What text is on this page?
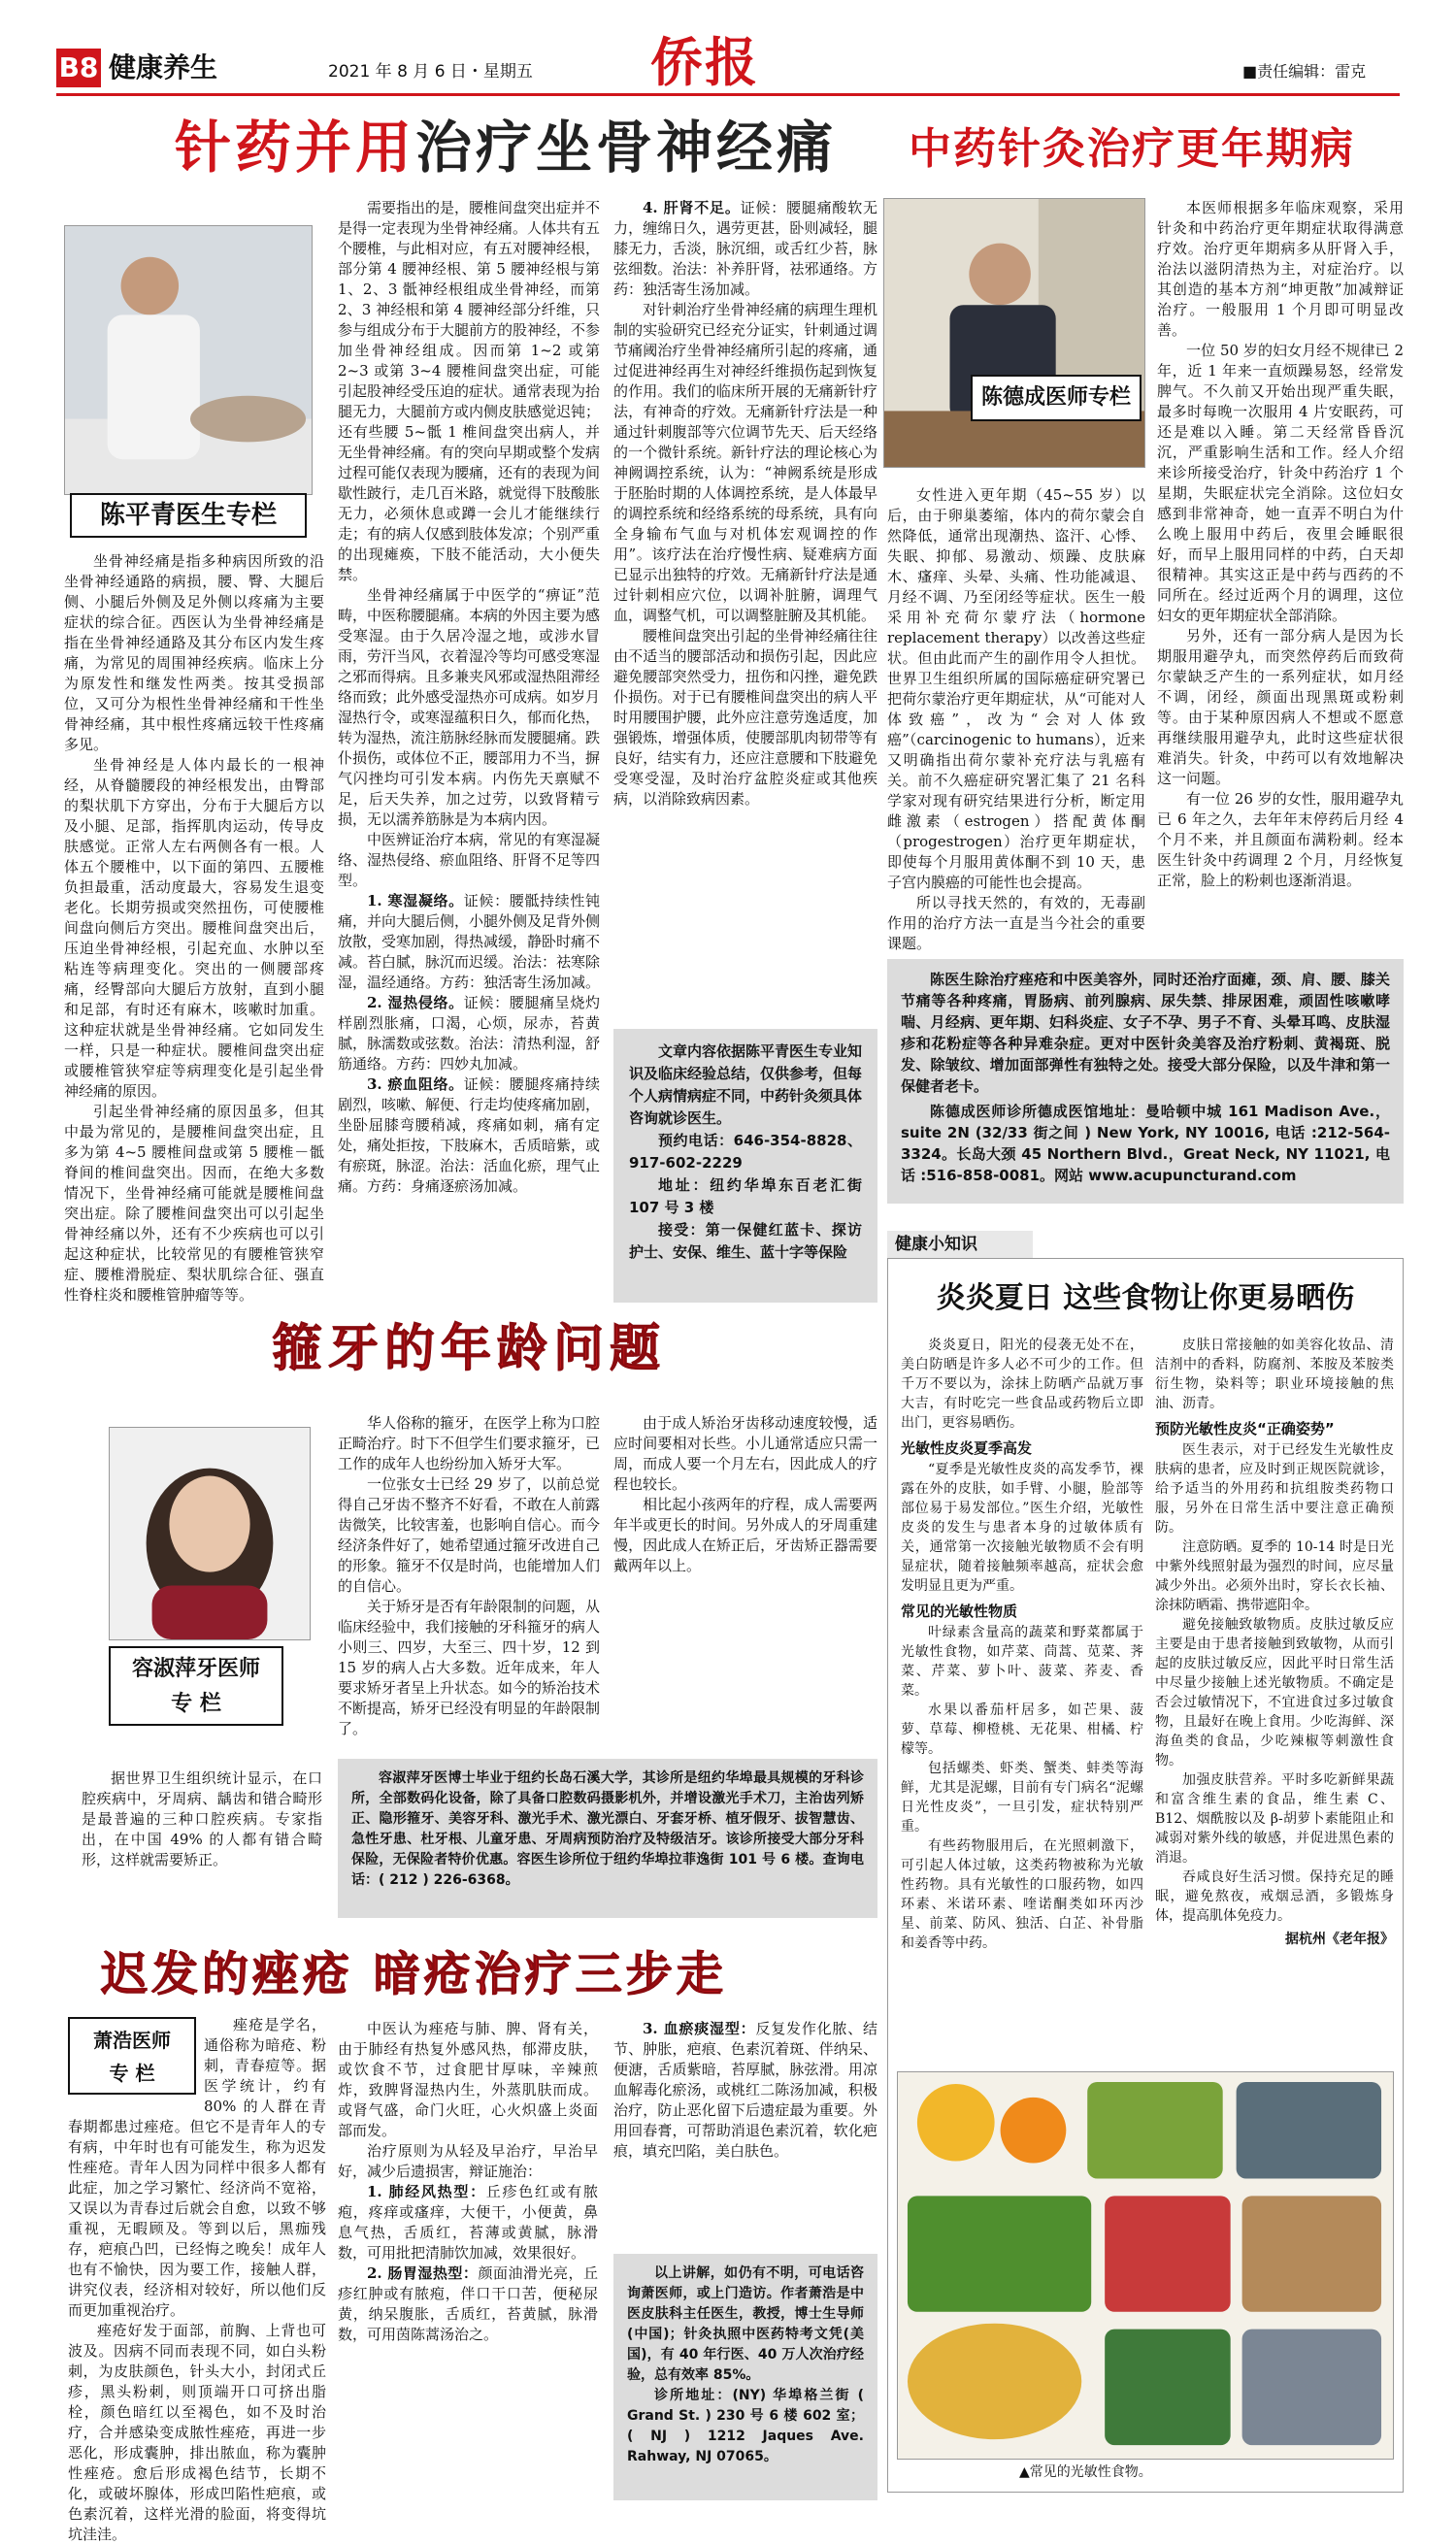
B8 健康养生	2021 年 8 月 6 日・星期五 侨报	■责任编辑：雷克
针药并用治疗坐骨神经痛
陈平青医生专栏

坐骨神经痛是指多种病因所致的沿坐骨神经通路的病损，腰、臀、大腿后侧、小腿后外侧及足外侧以疼痛为主要症状的综合征。西医认为坐骨神经痛是指在坐骨神经通路及其分布区内发生疼痛，为常见的周围神经疾病。临床上分为原发性和继发性两类。按其受损部位，又可分为根性坐骨神经痛和干性坐骨神经痛，其中根性疼痛远较干性疼痛多见。

坐骨神经是人体内最长的一根神经，从脊髓腰段的神经根发出，由臀部的梨状肌下方穿出，分布于大腿后方以及小腿、足部，指挥肌肉运动，传导皮肤感觉。正常人左右两侧各有一根。人体五个腰椎中，以下面的第四、五腰椎负担最重，活动度最大，容易发生退变老化。长期劳损或突然扭伤，可使腰椎间盘向侧后方突出。腰椎间盘突出后，压迫坐骨神经根，引起充血、水肿以至粘连等病理变化。突出的一侧腰部疼痛，经臀部向大腿后方放射，直到小腿和足部，有时还有麻木，咳嗽时加重。这种症状就是坐骨神经痛。它如同发生一样，只是一种症状。腰椎间盘突出症或腰椎管狭窄症等病理变化是引起坐骨神经痛的原因。

引起坐骨神经痛的原因虽多，但其中最为常见的，是腰椎间盘突出症，且多为第 4~5 腰椎间盘或第 5 腰椎－骶脊间的椎间盘突出。因而，在绝大多数情况下，坐骨神经痛可能就是腰椎间盘突出症。除了腰椎间盘突出可以引起坐骨神经痛以外，还有不少疾病也可以引起这种症状，比较常见的有腰椎管狭窄症、腰椎滑脱症、梨状肌综合征、强直性脊柱炎和腰椎管肿瘤等等。

需要指出的是，腰椎间盘突出症并不是得一定表现为坐骨神经痛。人体共有五个腰椎，与此相对应，有五对腰神经根，部分第 4 腰神经根、第 5 腰神经根与第 1、2、3 骶神经根组成坐骨神经，而第 2、3 神经根和第 4 腰神经部分纤维，只参与组成分布于大腿前方的股神经，不参加坐骨神经组成。因而第 1~2 或第 2~3 或第 3~4 腰椎间盘突出症，可能引起股神经受压迫的症状。通常表现为抬腿无力，大腿前方或内侧皮肤感觉迟钝；还有些腰 5~骶 1 椎间盘突出病人，并无坐骨神经痛。有的突向早期或整个发病过程可能仅表现为腰痛，还有的表现为间歇性跛行，走几百米路，就觉得下肢酸胀无力，必须休息或蹲一会儿才能继续行走；有的病人仅感到肢体发凉；个别严重的出现瘫痪，下肢不能活动，大小便失禁。

坐骨神经痛属于中医学的“痹证”范畴，中医称腰腿痛。本病的外因主要为感受寒湿。由于久居冷湿之地，或涉水冒雨，劳汗当风，衣着湿冷等均可感受寒湿之邪而得病。且多兼夹风邪或湿热阻滞经络而致；此外感受湿热亦可成病。如岁月湿热行令，或寒湿蕴积日久，郁而化热，转为湿热，流注筋脉经脉而发腰腿痛。跌仆损伤，或体位不正，腰部用力不当，摒气闪挫均可引发本病。内伤先天禀赋不足，后天失养，加之过劳，以致肾精亏损，无以濡养筋脉是为本病内因。

中医辨证治疗本病，常见的有寒湿凝络、湿热侵络、瘀血阻络、肝肾不足等四型。

1. 寒湿凝络。证候：腰骶持续性钝痛，并向大腿后侧，小腿外侧及足背外侧放散，受寒加剧，得热减缓，静卧时痛不减。苔白腻，脉沉而迟缓。治法：祛寒除湿，温经通络。方药：独活寄生汤加减。

2. 湿热侵络。证候：腰腿痛呈烧灼样剧烈胀痛，口渴，心烦，尿赤，苔黄腻，脉濡数或弦数。治法：清热利湿，舒筋通络。方药：四妙丸加减。

3. 瘀血阻络。证候：腰腿疼痛持续剧烈，咳嗽、解便、行走均使疼痛加剧，坐卧屈膝弯腰稍减，疼痛如刺，痛有定处，痛处拒按，下肢麻木，舌质暗紫，或有瘀斑，脉涩。治法：活血化瘀，理气止痛。方药：身痛逐瘀汤加减。

4. 肝肾不足。证候：腰腿痛酸软无力，缠绵日久，遇劳更甚，卧则减轻，腿膝无力，舌淡，脉沉细，或舌红少苔，脉弦细数。治法：补养肝肾，祛邪通络。方药：独活寄生汤加减。

对针刺治疗坐骨神经痛的病理生理机制的实验研究已经充分证实，针刺通过调节痛阈治疗坐骨神经痛所引起的疼痛，通过促进神经再生对神经纤维损伤起到恢复的作用。我们的临床所开展的无痛新针疗法，有神奇的疗效。无痛新针疗法是一种通过针刺腹部等穴位调节先天、后天经络的一个微针系统。新针疗法的理论核心为神阙调控系统，认为：“神阙系统是形成于胚胎时期的人体调控系统，是人体最早的调控系统和经络系统的母系统，具有向全身输布气血与对机体宏观调控的作用”。该疗法在治疗慢性病、疑难病方面已显示出独特的疗效。无痛新针疗法是通过针刺相应穴位，以调补脏腑，调理气血，调整气机，可以调整脏腑及其机能。

腰椎间盘突出引起的坐骨神经痛往往由不适当的腰部活动和损伤引起，因此应避免腰部突然受力，扭伤和闪挫，避免跌仆损伤。对于已有腰椎间盘突出的病人平时用腰围护腰，此外应注意劳逸适度，加强锻炼，增强体质，使腰部肌肉韧带等有良好，结实有力，还应注意腰和下肢避免受寒受湿，及时治疗盆腔炎症或其他疾病，以消除致病因素。

文章内容依据陈平青医生专业知识及临床经验总结，仅供参考，但每个人病情病症不同，中药针灸须具体咨询就诊医生。
预约电话：646-354-8828、917-602-2229
地址：纽约华埠东百老汇街 107 号 3 楼
接受：第一保健红蓝卡、探访护士、安保、维生、蓝十字等保险
中药针灸治疗更年期病
陈德成医师专栏

女性进入更年期（45~55 岁）以后，由于卵巢萎缩，体内的荷尔蒙会自然降低，通常出现潮热、盗汗、心悸、失眠、抑郁、易激动、烦躁、皮肤麻木、瘙痒、头晕、头痛、性功能减退、月经不调、乃至闭经等症状。医生一般采用补充荷尔蒙疗法（hormone replacement therapy）以改善这些症状。但由此而产生的副作用令人担忧。世界卫生组织所属的国际癌症研究署已把荷尔蒙治疗更年期症状，从“可能对人体致癌”，改为“会对人体致癌”（carcinogenic to humans），近来又明确指出荷尔蒙补充疗法与乳癌有关。前不久癌症研究署汇集了 21 名科学家对现有研究结果进行分析，断定用雌激素（estrogen）搭配黄体酮（progestrogen）治疗更年期症状，即使每个月服用黄体酮不到 10 天，患子宫内膜癌的可能性也会提高。

所以寻找天然的，有效的，无毒副作用的治疗方法一直是当今社会的重要课题。

本医师根据多年临床观察，采用针灸和中药治疗更年期症状取得满意疗效。治疗更年期病多从肝肾入手，治法以滋阴清热为主，对症治疗。以其创造的基本方剂“坤更散”加减辩证治疗。一般服用 1 个月即可明显改善。

一位 50 岁的妇女月经不规律已 2 年，近 1 年来一直烦躁易怒，经常发脾气。不久前又开始出现严重失眠，最多时每晚一次服用 4 片安眠药，可还是难以入睡。第二天经常昏昏沉沉，严重影响生活和工作。经人介绍来诊所接受治疗，针灸中药治疗 1 个星期，失眠症状完全消除。这位妇女感到非常神奇，她一直弄不明白为什么晚上服用中药后，夜里会睡眠很好，而早上服用同样的中药，白天却很精神。其实这正是中药与西药的不同所在。经过近两个月的调理，这位妇女的更年期症状全部消除。

另外，还有一部分病人是因为长期服用避孕丸，而突然停药后而致荷尔蒙缺乏产生的一系列症状，如月经不调，闭经，颜面出现黑斑或粉刺等。由于某种原因病人不想或不愿意再继续服用避孕丸，此时这些症状很难消失。针灸，中药可以有效地解决这一问题。

有一位 26 岁的女性，服用避孕丸已 6 年之久，去年年末停药后月经 4 个月不来，并且颜面布满粉刺。经本医生针灸中药调理 2 个月，月经恢复正常，脸上的粉刺也逐渐消退。

陈医生除治疗痤疮和中医美容外，同时还治疗面瘫，颈、肩、腰、膝关节痛等各种疼痛，胃肠病、前列腺病、尿失禁、排尿困难，顽固性咳嗽哮喘、月经病、更年期、妇科炎症、女子不孕、男子不育、头晕耳鸣、皮肤湿疹和花粉症等各种异难杂症。更对中医针灸美容及治疗粉刺、黄褐斑、脱发、除皱纹、增加面部弹性有独特之处。接受大部分保险，以及牛津和第一保健者老卡。
陈德成医师诊所德成医馆地址：曼哈顿中城 161 Madison Ave.，suite 2N (32/33 街之间 ) New York, NY 10016, 电话 :212-564-3324。长岛大颈 45 Northern Blvd.，Great Neck, NY 11021, 电话 :516-858-0081。网站 www.acupuncturand.com
健康小知识
炎炎夏日 这些食物让你更易晒伤

炎炎夏日，阳光的侵袭无处不在，美白防晒是许多人必不可少的工作。但千万不要以为，涂抹上防晒产品就万事大吉，有时吃完一些食品或药物后立即出门，更容易晒伤。

光敏性皮炎夏季高发

“夏季是光敏性皮炎的高发季节，裸露在外的皮肤，如手臂、小腿，脸部等部位易于易发部位。”医生介绍，光敏性皮炎的发生与患者本身的过敏体质有关，通常第一次接触光敏物质不会有明显症状，随着接触频率越高，症状会愈发明显且更为严重。

常见的光敏性物质

叶绿素含量高的蔬菜和野菜都属于光敏性食物，如芹菜、茼蒿、苋菜、荠菜、芹菜、萝卜叶、菠菜、荞麦、香菜。

水果以番茄杆居多，如芒果、菠萝、草莓、柳橙桃、无花果、柑橘、柠檬等。

包括螺类、虾类、蟹类、蚌类等海鲜，尤其是泥螺，目前有专门病名“泥螺日光性皮炎”，一旦引发，症状特别严重。

有些药物服用后，在光照刺激下，可引起人体过敏，这类药物被称为光敏性药物。具有光敏性的口服药物，如四环素、米诺环素、喹诺酮类如环丙沙星、前菜、防风、独活、白芷、补骨脂和姜香等中药。

皮肤日常接触的如美容化妆品、清洁剂中的香料，防腐剂、苯胺及苯胺类衍生物，染料等；职业环境接触的焦油、沥青。

预防光敏性皮炎“正确姿势”

医生表示，对于已经发生光敏性皮肤病的患者，应及时到正规医院就诊，给予适当的外用药和抗组胺类药物口服，另外在日常生活中要注意正确预防。

注意防晒。夏季的 10-14 时是日光中紫外线照射最为强烈的时间，应尽量减少外出。必须外出时，穿长衣长袖、涂抹防晒霜、携带遮阳伞。

避免接触致敏物质。皮肤过敏反应主要是由于患者接触到致敏物，从而引起的皮肤过敏反应，因此平时日常生活中尽量少接触上述光敏物质。不确定是否会过敏情况下，不宜进食过多过敏食物，且最好在晚上食用。少吃海鲜、深海鱼类的食品，少吃辣椒等刺激性食物。

加强皮肤营养。平时多吃新鲜果蔬和富含维生素的食品，维生素 C、B12、烟酰胺以及 β-胡萝卜素能阻止和减弱对紫外线的敏感，并促进黑色素的消退。

吞咸良好生活习惯。保持充足的睡眠，避免熬夜，戒烟忌酒，多锻炼身体，提高肌体免疫力。

据杭州《老年报》
▲常见的光敏性食物。
箍牙的年龄问题
容淑萍牙医师
专 栏

据世界卫生组织统计显示，在口腔疾病中，牙周病、龋齿和错合畸形是最普遍的三种口腔疾病。专家指出，在中国 49% 的人都有错合畸形，这样就需要矫正。

华人俗称的箍牙，在医学上称为口腔正畸治疗。时下不但学生们要求箍牙，已工作的成年人也纷纷加入矫牙大军。

一位张女士已经 29 岁了，以前总觉得自己牙齿不整齐不好看，不敢在人前露齿微笑，比较害羞，也影响自信心。而今经济条件好了，她希望通过箍牙改进自己的形象。箍牙不仅是时尚，也能增加人们的自信心。

关于矫牙是否有年龄限制的问题，从临床经验中，我们接触的牙科箍牙的病人小则三、四岁，大至三、四十岁，12 到 15 岁的病人占大多数。近年成来，年人要求矫牙者呈上升状态。如今的矫治技术不断提高，矫牙已经没有明显的年龄限制了。

由于成人矫治牙齿移动速度较慢，适应时间要相对长些。小儿通常适应只需一周，而成人要一个月左右，因此成人的疗程也较长。

相比起小孩两年的疗程，成人需要两年半或更长的时间。另外成人的牙周重建慢，因此成人在矫正后，牙齿矫正器需要戴两年以上。

容淑萍牙医博士毕业于纽约长岛石溪大学，其诊所是纽约华埠最具规模的牙科诊所，全部数码化设备，除了具备口腔数码摄影机外，并增设激光手术刀，主治齿列矫正、隐形箍牙、美容牙科、激光手术、激光漂白、牙套牙桥、植牙假牙、拔智慧齿、急性牙患、杜牙根、儿童牙患、牙周病预防治疗及特级洁牙。该诊所接受大部分牙科保险，无保险者特价优惠。容医生诊所位于纽约华埠拉菲逸街 101 号 6 楼。查询电话：( 212 ) 226-6368。
迟发的痤疮 暗疮治疗三步走
萧浩医师
专 栏

痤疮是学名，通俗称为暗疮、粉刺，青春痘等。据医学统计，约有 80% 的人群在青春期都患过痤疮。但它不是青年人的专有病，中年时也有可能发生，称为迟发性痤疮。青年人因为同样中很多人都有此症，加之学习繁忙、经济尚不宽裕，又误以为青春过后就会自愈，以致不够重视，无暇顾及。等到以后，黑痂残存，疤痕凸凹，已经悔之晚矣！成年人也有不愉快，因为要工作，接触人群，讲究仪表，经济相对较好，所以他们反而更加重视治疗。

痤疮好发于面部，前胸、上背也可波及。因病不同而表现不同，如白头粉刺，为皮肤颜色，针头大小，封闭式丘疹，黑头粉刺，则顶端开口可挤出脂栓，颜色暗红以至褐色，如不及时治疗，合并感染变成脓性痤疮，再进一步恶化，形成囊肿，排出脓血，称为囊肿性痤疮。愈后形成褐色结节，长期不化，或破坏腺体，形成凹陷性疤痕，或色素沉着，这样光滑的脸面，将变得坑坑洼洼。

中医认为痤疮与肺、脾、肾有关，由于肺经有热复外感风热，郁滞皮肤，或饮食不节，过食肥甘厚味，辛辣煎炸，致脾肾湿热内生，外蒸肌肤而成。或肾气盛，命门火旺，心火炽盛上炎面部而发。

治疗原则为从轻及早治疗，早治早好，减少后遗损害，辩证施治：

1. 肺经风热型：丘疹色红或有脓疱，疼痒或瘙痒，大便干，小便黄，鼻息气热，舌质红，苔薄或黄腻，脉滑数，可用批把清肺饮加减，效果很好。

2. 肠胃湿热型：颜面油滑光亮，丘疹红肿或有脓疱，伴口干口苦，便秘尿黄，纳呆腹胀，舌质红，苔黄腻，脉滑数，可用茵陈蒿汤治之。

3. 血瘀痰湿型：反复发作化脓、结节、肿胀，疤痕、色素沉着斑、伴纳呆、便溏，舌质紫暗，苔厚腻，脉弦滑。用凉血解毒化瘀汤，或桃红二陈汤加减，积极治疗，防止恶化留下后遗症最为重要。外用回春膏，可帮助消退色素沉着，软化疤痕，填充凹陷，美白肤色。

以上讲解，如仍有不明，可电话咨询萧医师，或上门造访。作者萧浩是中医皮肤科主任医生，教授，博士生导师(中国)；针灸执照中医药特考文凭(美国)，有 40 年行医、40 万人次治疗经验，总有效率 85%。
诊所地址：(NY) 华埠格兰街 ( Grand St. ) 230 号 6 楼 602 室；( NJ ) 1212 Jaques Ave. Rahway, NJ 07065。
